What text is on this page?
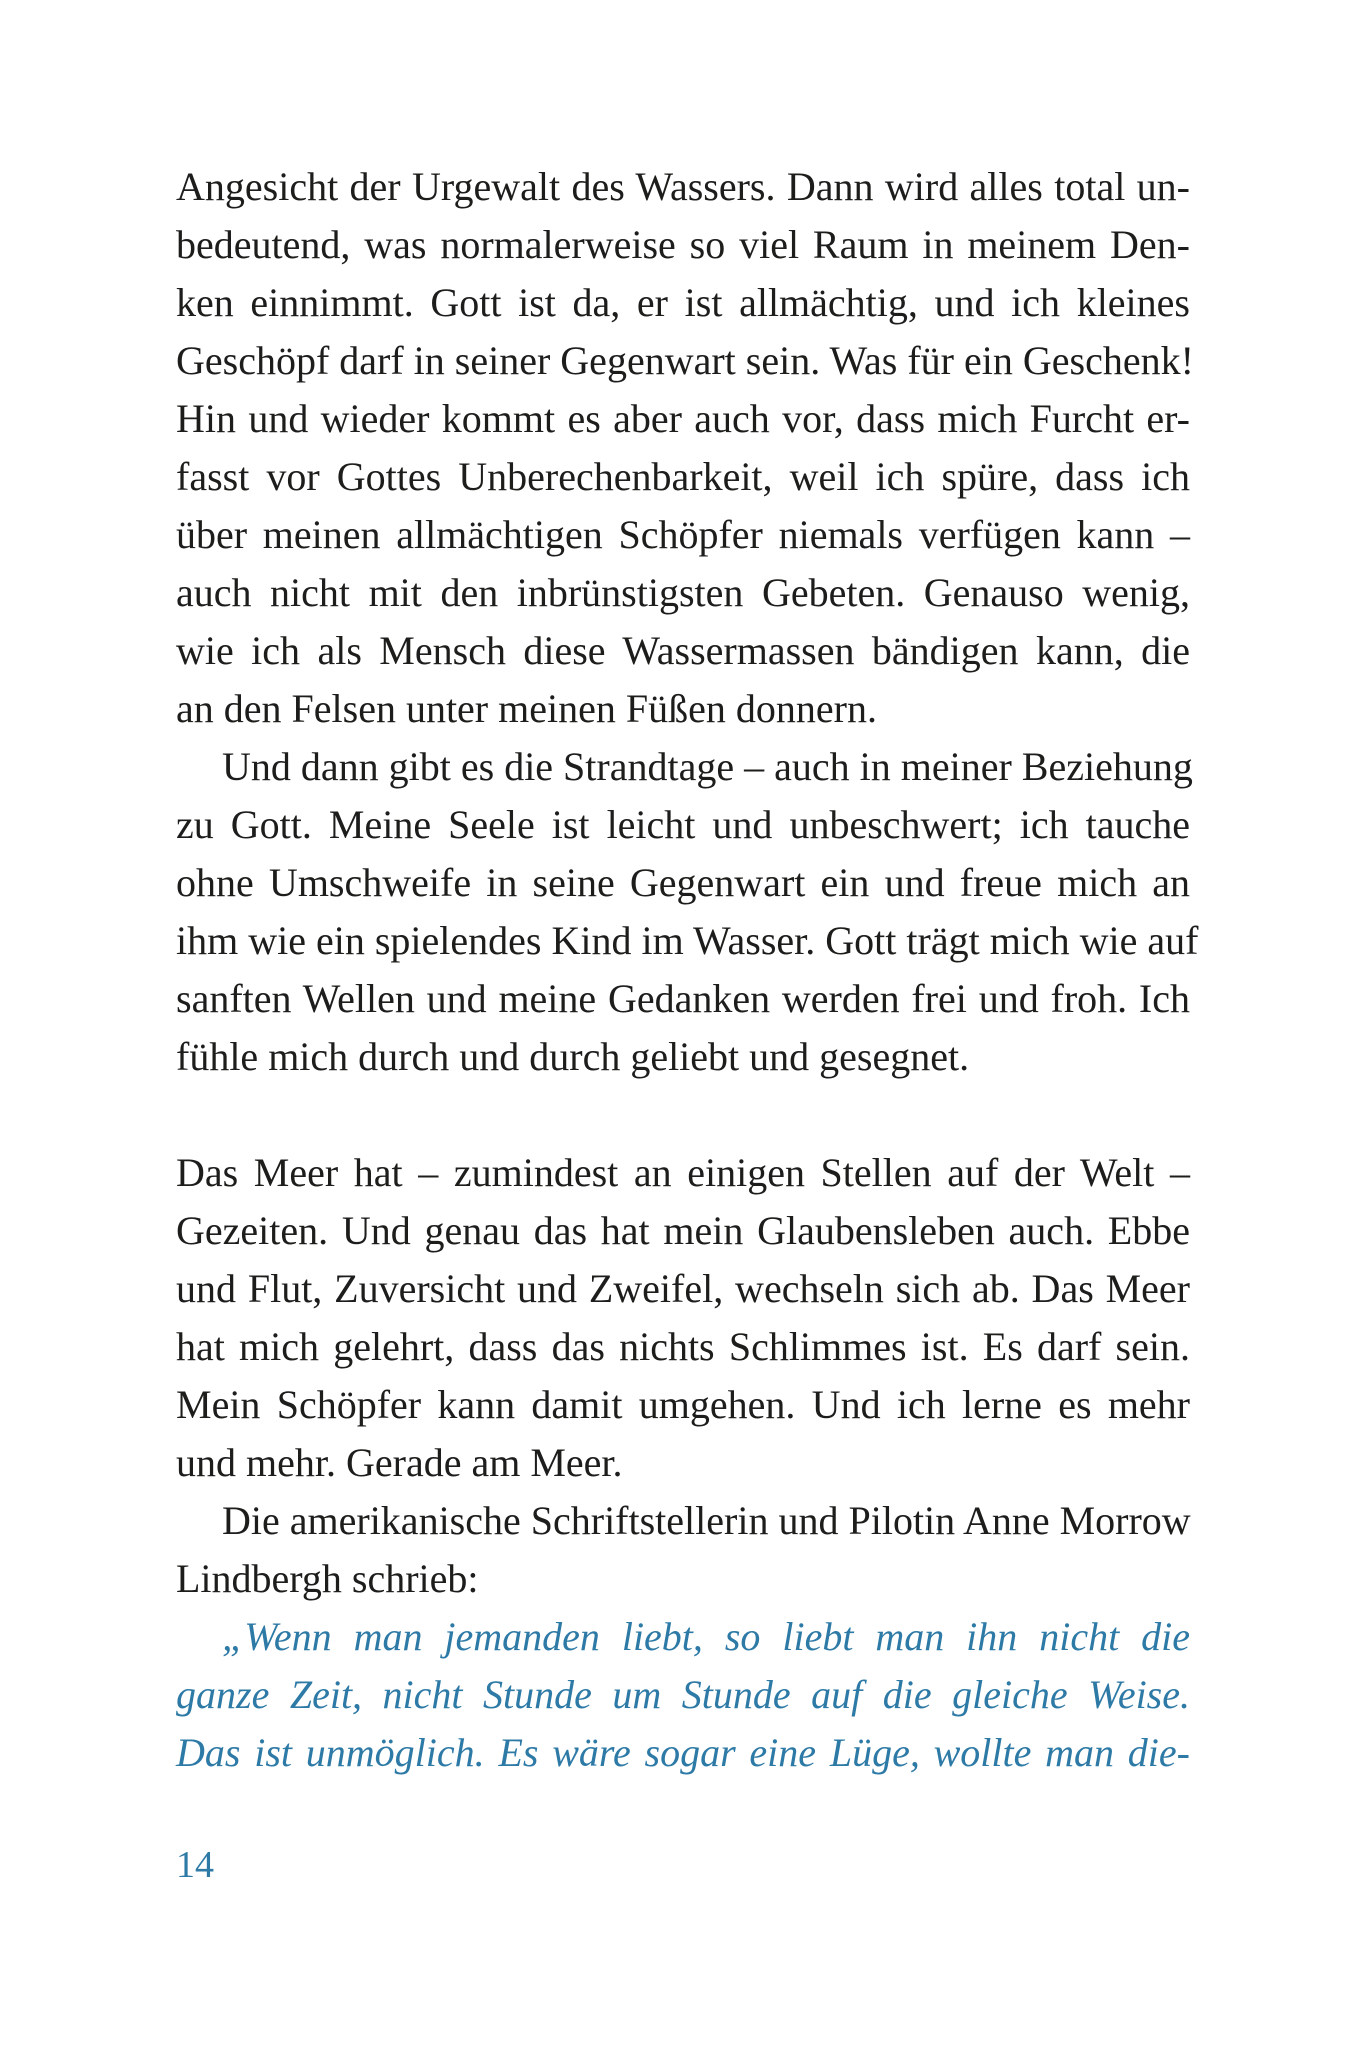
Angesicht der Urgewalt des Wassers. Dann wird alles total un-
bedeutend, was normalerweise so viel Raum in meinem Den-
ken einnimmt. Gott ist da, er ist allmächtig, und ich kleines
Geschöpf darf in seiner Gegenwart sein. Was für ein Geschenk!
Hin und wieder kommt es aber auch vor, dass mich Furcht er-
fasst vor Gottes Unberechenbarkeit, weil ich spüre, dass ich
über meinen allmächtigen Schöpfer niemals verfügen kann –
auch nicht mit den inbrünstigsten Gebeten. Genauso wenig,
wie ich als Mensch diese Wassermassen bändigen kann, die
an den Felsen unter meinen Füßen donnern.
Und dann gibt es die Strandtage – auch in meiner Beziehung
zu Gott. Meine Seele ist leicht und unbeschwert; ich tauche
ohne Umschweife in seine Gegenwart ein und freue mich an
ihm wie ein spielendes Kind im Wasser. Gott trägt mich wie auf
sanften Wellen und meine Gedanken werden frei und froh. Ich
fühle mich durch und durch geliebt und gesegnet.
Das Meer hat – zumindest an einigen Stellen auf der Welt –
Gezeiten. Und genau das hat mein Glaubensleben auch. Ebbe
und Flut, Zuversicht und Zweifel, wechseln sich ab. Das Meer
hat mich gelehrt, dass das nichts Schlimmes ist. Es darf sein.
Mein Schöpfer kann damit umgehen. Und ich lerne es mehr
und mehr. Gerade am Meer.
Die amerikanische Schriftstellerin und Pilotin Anne Morrow
Lindbergh schrieb:
„Wenn man jemanden liebt, so liebt man ihn nicht die
ganze Zeit, nicht Stunde um Stunde auf die gleiche Weise.
Das ist unmöglich. Es wäre sogar eine Lüge, wollte man die-
14
